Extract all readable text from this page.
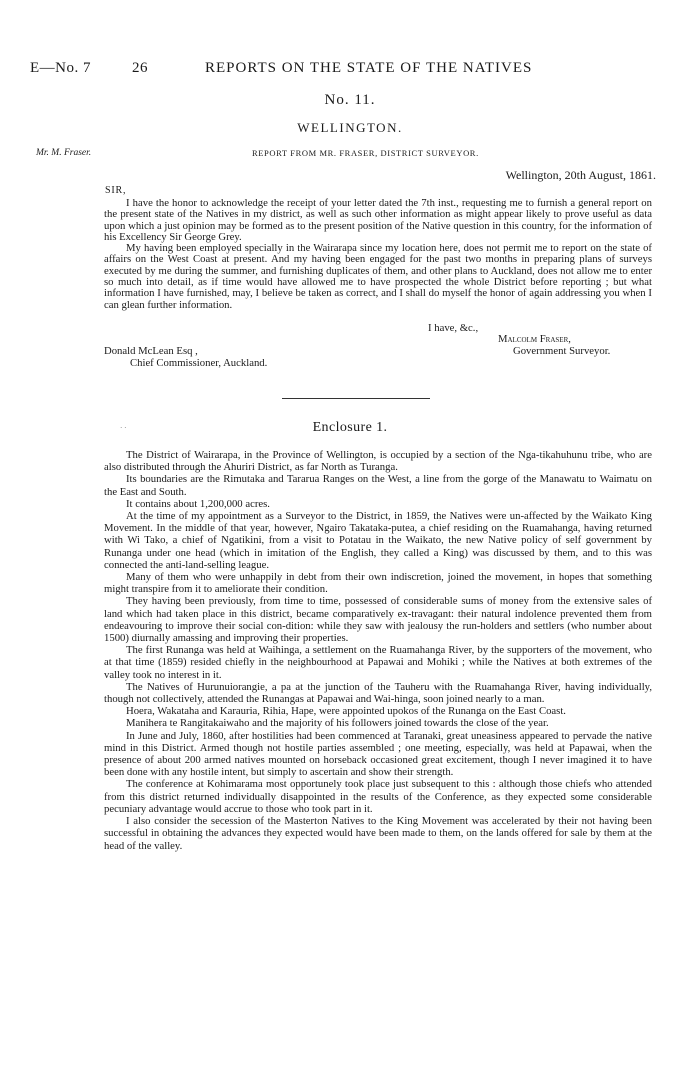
E—No. 7	26	REPORTS ON THE STATE OF THE NATIVES
No. 11.
WELLINGTON.
Mr. M. Fraser.	REPORT FROM MR. FRASER, DISTRICT SURVEYOR.
Wellington, 20th August, 1861.
SIR,

I have the honor to acknowledge the receipt of your letter dated the 7th inst., requesting me to furnish a general report on the present state of the Natives in my district, as well as such other information as might appear likely to prove useful as data upon which a just opinion may be formed as to the present position of the Native question in this country, for the information of his Excellency Sir George Grey.

My having been employed specially in the Wairarapa since my location here, does not permit me to report on the state of affairs on the West Coast at present. And my having been engaged for the past two months in preparing plans of surveys executed by me during the summer, and furnishing duplicates of them, and other plans to Auckland, does not allow me to enter so much into detail, as if time would have allowed me to have prospected the whole District before reporting ; but what information I have furnished, may, I believe be taken as correct, and I shall do myself the honor of again addressing you when I can glean further information.

I have, &c.,
Malcolm Fraser,
Government Surveyor.
Donald McLean Esq ,
Chief Commissioner, Auckland.
· ·	Enclosure 1.

The District of Wairarapa, in the Province of Wellington, is occupied by a section of the Nga-tikahuhunu tribe, who are also distributed through the Ahuriri District, as far North as Turanga.

Its boundaries are the Rimutaka and Tararua Ranges on the West, a line from the gorge of the Manawatu to Waimatu on the East and South.

It contains about 1,200,000 acres.

At the time of my appointment as a Surveyor to the District, in 1859, the Natives were un-affected by the Waikato King Movement. In the middle of that year, however, Ngairo Takataka-putea, a chief residing on the Ruamahanga, having returned with Wi Tako, a chief of Ngatikini, from a visit to Potatau in the Waikato, the new Native policy of self government by Runanga under one head (which in imitation of the English, they called a King) was discussed by them, and to this was connected the anti-land-selling league.

Many of them who were unhappily in debt from their own indiscretion, joined the movement, in hopes that something might transpire from it to ameliorate their condition.

They having been previously, from time to time, possessed of considerable sums of money from the extensive sales of land which had taken place in this district, became comparatively ex-travagant: their natural indolence prevented them from endeavouring to improve their social con-dition: while they saw with jealousy the run-holders and settlers (who number about 1500) diurnally amassing and improving their properties.

The first Runanga was held at Waihinga, a settlement on the Ruamahanga River, by the supporters of the movement, who at that time (1859) resided chiefly in the neighbourhood at Papawai and Mohiki ; while the Natives at both extremes of the valley took no interest in it.

The Natives of Hurunuiorangie, a pa at the junction of the Tauheru with the Ruamahanga River, having individually, though not collectively, attended the Runangas at Papawai and Wai-hinga, soon joined nearly to a man.

Hoera, Wakataha and Karauria, Rihia, Hape, were appointed upokos of the Runanga on the East Coast.

Manihera te Rangitakaiwaho and the majority of his followers joined towards the close of the year.

In June and July, 1860, after hostilities had been commenced at Taranaki, great uneasiness appeared to pervade the native mind in this District. Armed though not hostile parties assembled ; one meeting, especially, was held at Papawai, when the presence of about 200 armed natives mounted on horseback occasioned great excitement, though I never imagined it to have been done with any hostile intent, but simply to ascertain and show their strength.

The conference at Kohimarama most opportunely took place just subsequent to this : although those chiefs who attended from this district returned individually disappointed in the results of the Conference, as they expected some considerable pecuniary advantage would accrue to those who took part in it.

I also consider the secession of the Masterton Natives to the King Movement was accelerated by their not having been successful in obtaining the advances they expected would have been made to them, on the lands offered for sale by them at the head of the valley.
